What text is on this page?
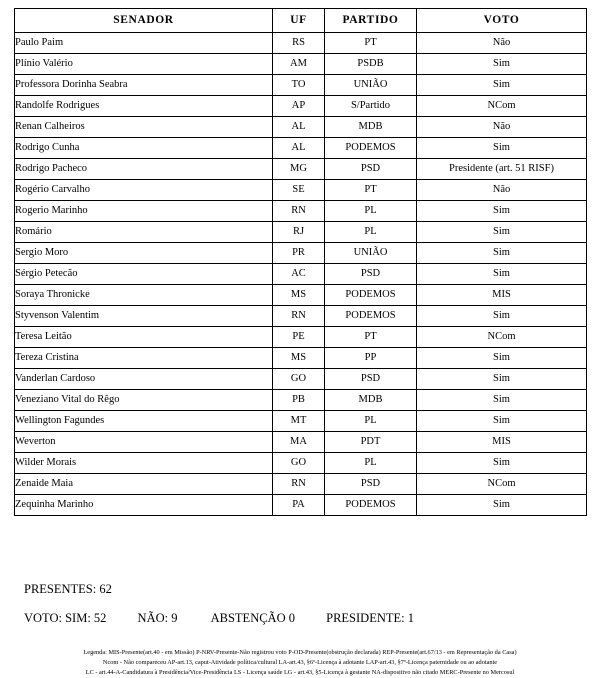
SENADOR	UF	PARTIDO	VOTO
Paulo Paim	RS	PT	Não
Plínio Valério	AM	PSDB	Sim
Professora Dorinha Seabra	TO	UNIÃO	Sim
Randolfe Rodrigues	AP	S/Partido	NCom
Renan Calheiros	AL	MDB	Não
Rodrigo Cunha	AL	PODEMOS	Sim
Rodrigo Pacheco	MG	PSD	Presidente (art. 51 RISF)
Rogério Carvalho	SE	PT	Não
Rogerio Marinho	RN	PL	Sim
Romário	RJ	PL	Sim
Sergio Moro	PR	UNIÃO	Sim
Sérgio Petecão	AC	PSD	Sim
Soraya Thronicke	MS	PODEMOS	MIS
Styvenson Valentim	RN	PODEMOS	Sim
Teresa Leitão	PE	PT	NCom
Tereza Cristina	MS	PP	Sim
Vanderlan Cardoso	GO	PSD	Sim
Veneziano Vital do Rêgo	PB	MDB	Sim
Wellington Fagundes	MT	PL	Sim
Weverton	MA	PDT	MIS
Wilder Morais	GO	PL	Sim
Zenaide Maia	RN	PSD	NCom
Zequinha Marinho	PA	PODEMOS	Sim
PRESENTES: 62
VOTO: SIM: 52 NÃO: 9	ABSTENÇÃO 0 PRESIDENTE: 1
Legenda: MIS-Presente(art.40 - em Missão) P-NRV-Presente-Não registrou voto P-OD-Presente(obstrução declarada) REP-Presente(art.67/13 - em Representação da Casa)
Ncom - Não compareceu AP-art.13, caput-Atividade política/cultural LA-art.43, §6º-Licença à adotante LAP-art.43, §7º-Licença paternidade ou ao adotante
LC - art.44-A-Candidatura à Presidência/Vice-Presidência LS - Licença saúde LG - art.43, §5-Licença à gestante NA-dispositivo não citado MERC-Presente no Mercosul
